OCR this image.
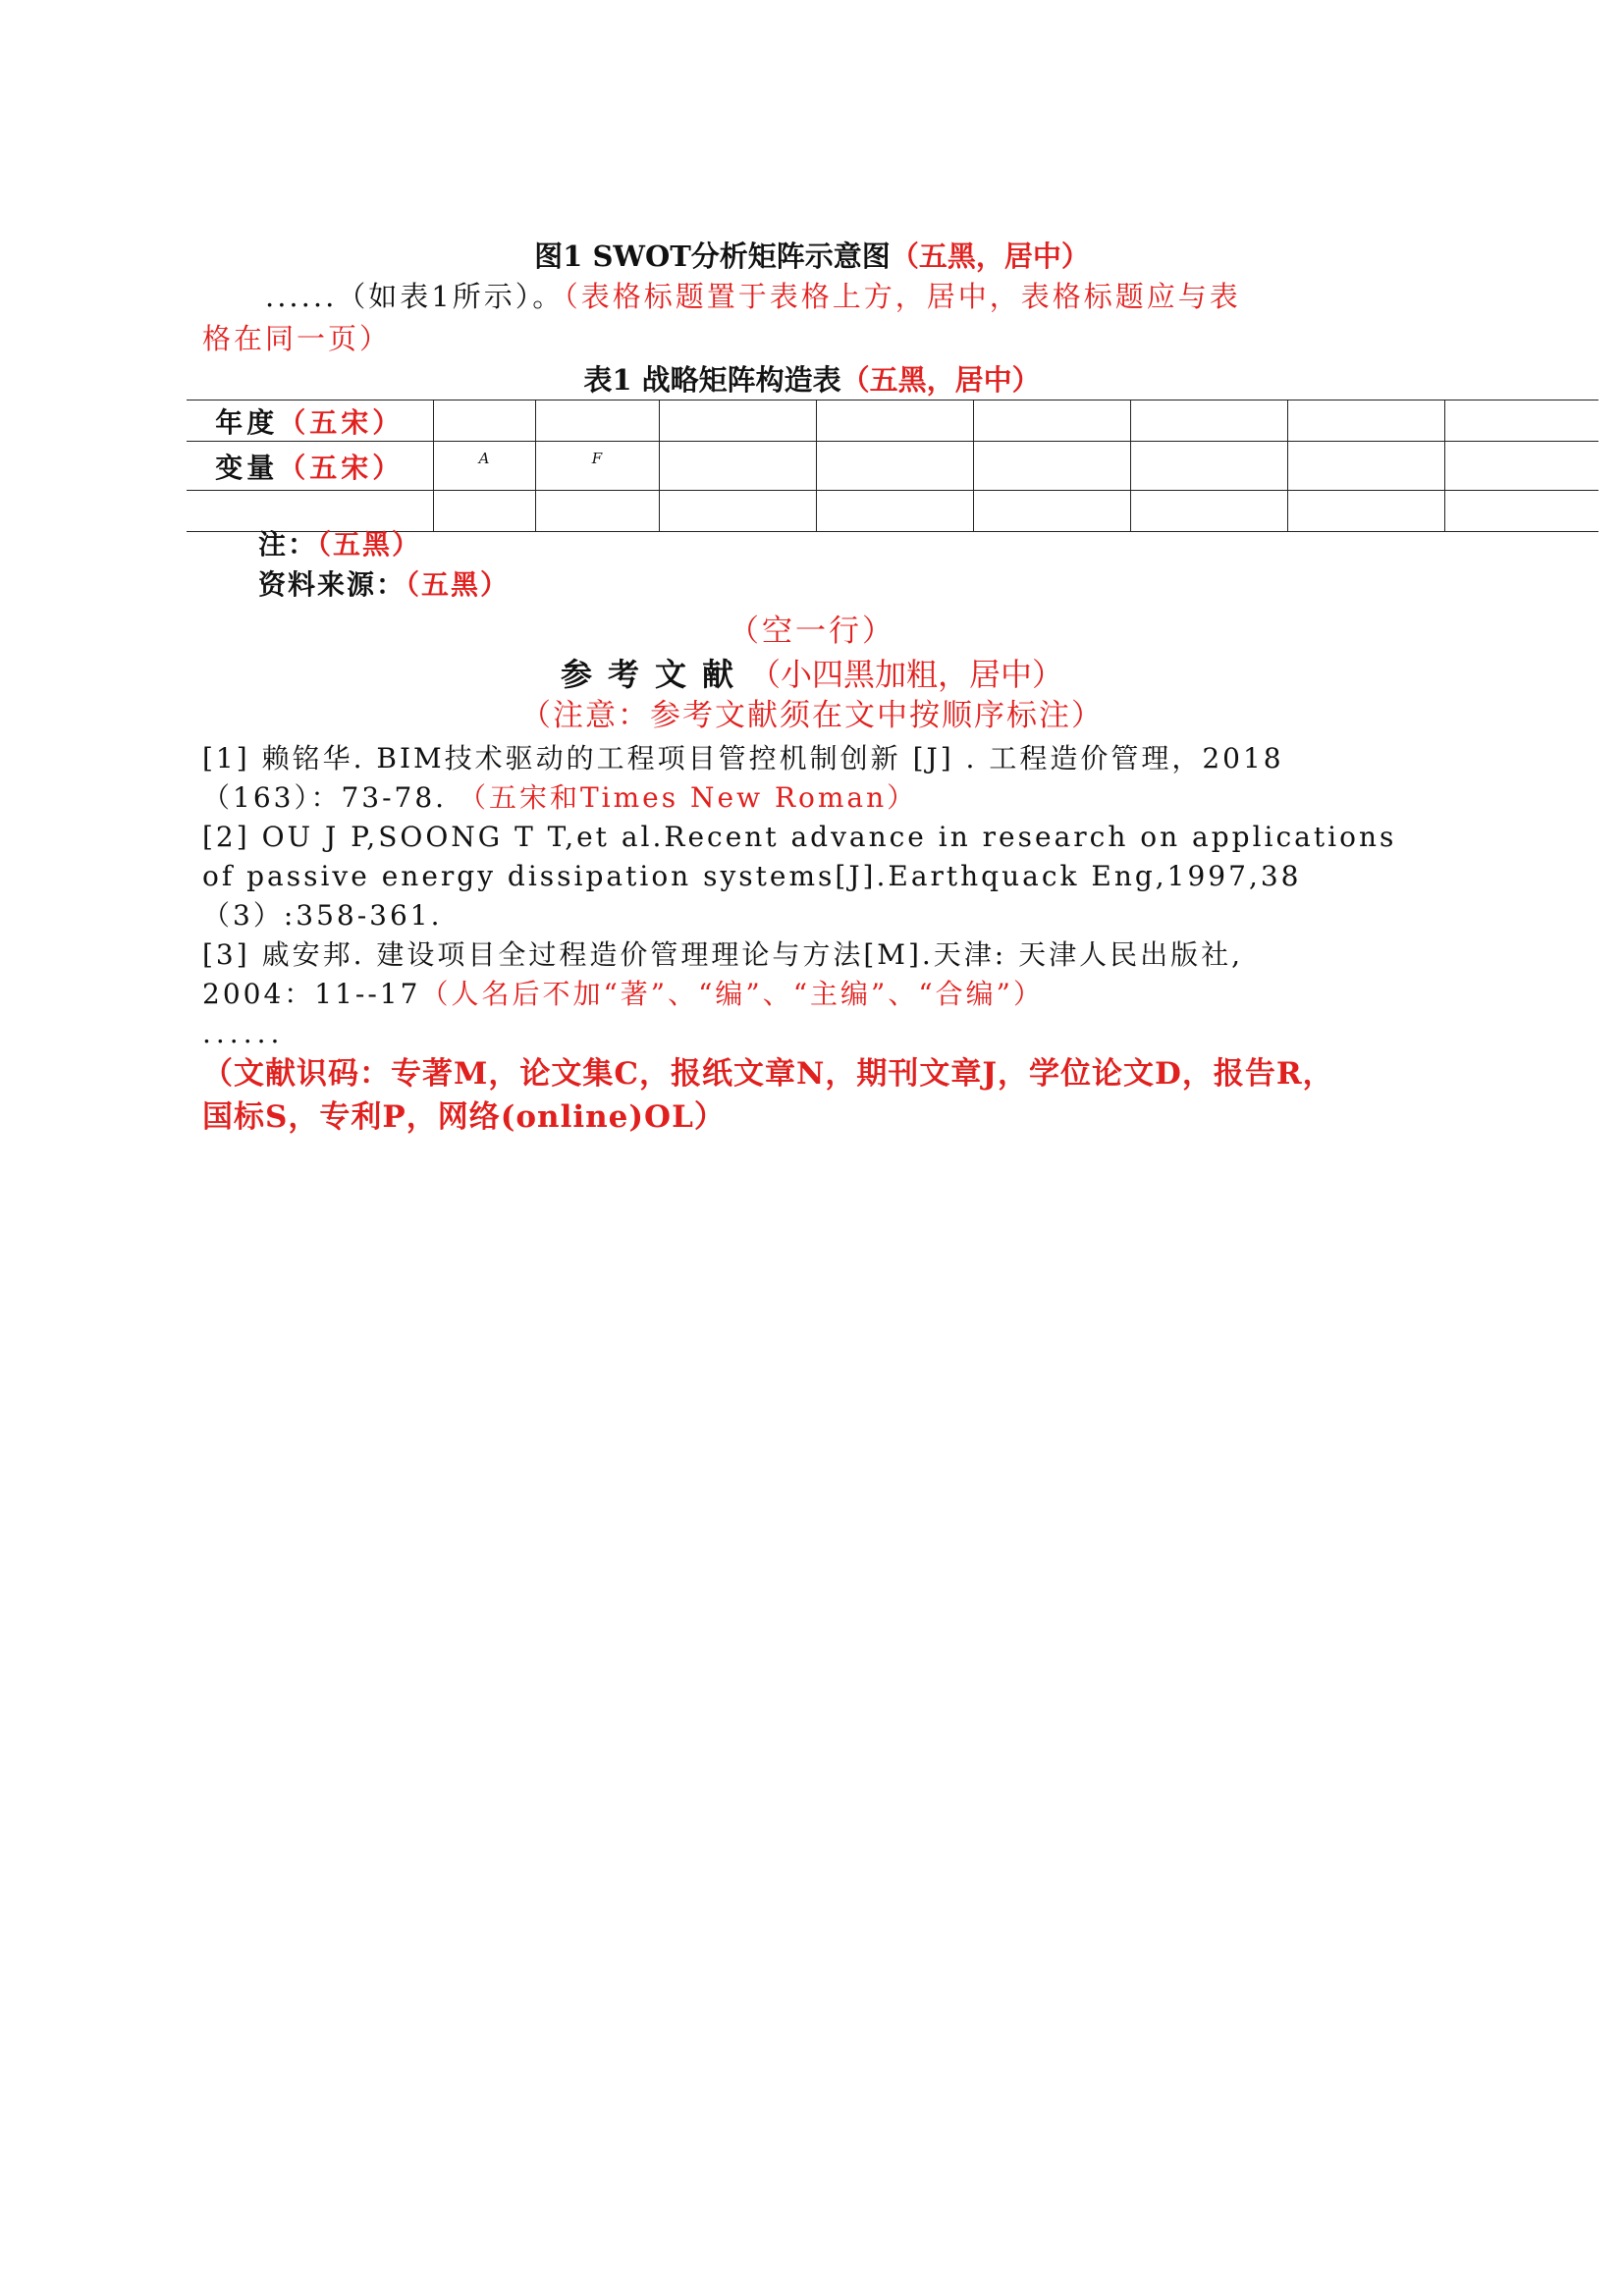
图1 SWOT分析矩阵示意图（五黑，居中）
......（如表1所示）。（表格标题置于表格上方，居中，表格标题应与表
格在同一页）
表1 战略矩阵构造表（五黑，居中）
年度（五宋）								
变量（五宋）	A	F						

注：（五黑）
资料来源：（五黑）
（空一行）
参考文献（小四黑加粗，居中）
（注意：参考文献须在文中按顺序标注）
[1] 赖铭华. BIM技术驱动的工程项目管控机制创新 [J] . 工程造价管理，2018
（163）：73-78. （五宋和Times New Roman）
[2] OU J P,SOONG T T,et al.Recent advance in research on applications
of passive energy dissipation systems[J].Earthquack Eng,1997,38
（3）:358-361.
[3] 戚安邦. 建设项目全过程造价管理理论与方法[M].天津: 天津人民出版社,
2004：11--17（人名后不加“著”、“编”、“主编”、“合编”）
......
（文献识码：专著M，论文集C，报纸文章N，期刊文章J，学位论文D，报告R，
国标S，专利P，网络(online)OL）
